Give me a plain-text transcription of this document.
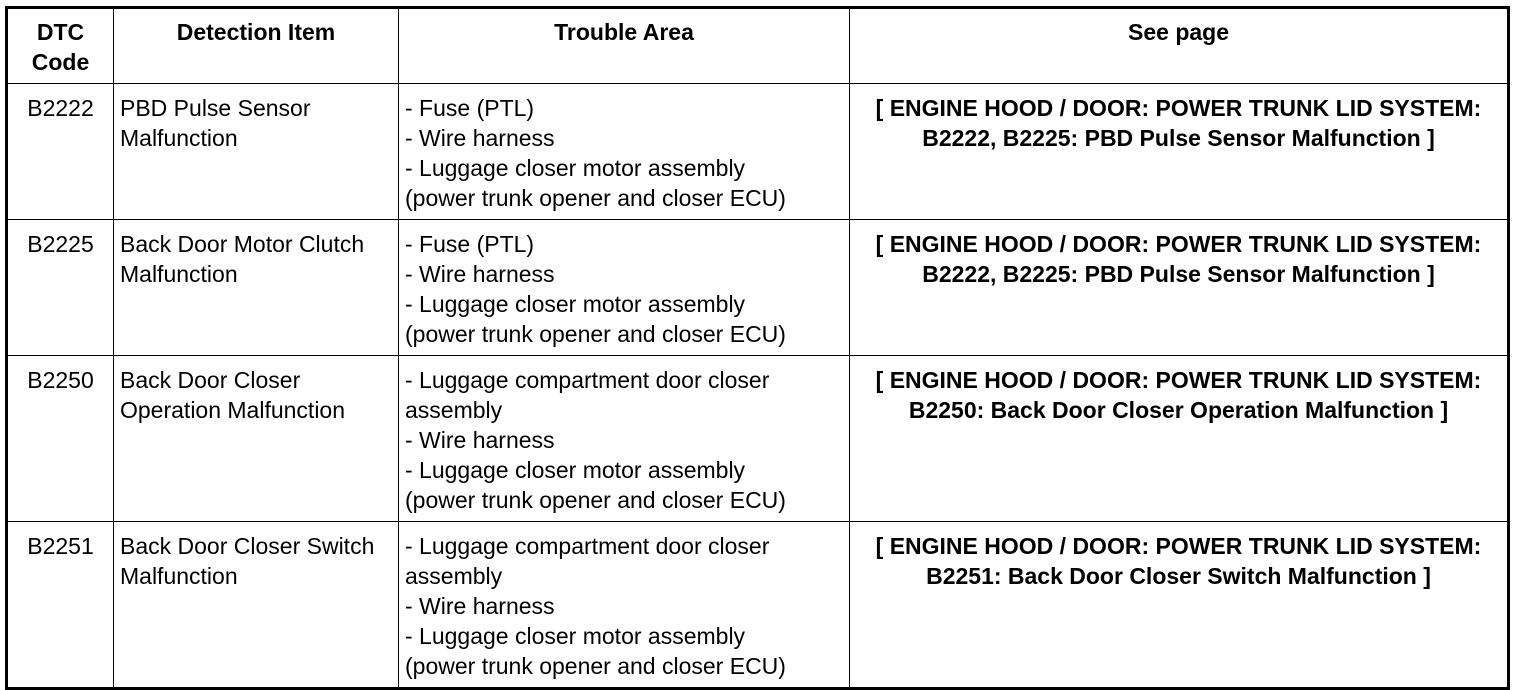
DTC
Code	Detection Item	Trouble Area	See page
B2222	PBD Pulse Sensor Malfunction	- Fuse (PTL)
- Wire harness
- Luggage closer motor assembly
(power trunk opener and closer ECU)	[ ENGINE HOOD / DOOR: POWER TRUNK LID SYSTEM: B2222, B2225: PBD Pulse Sensor Malfunction ]
B2225	Back Door Motor Clutch Malfunction	- Fuse (PTL)
- Wire harness
- Luggage closer motor assembly
(power trunk opener and closer ECU)	[ ENGINE HOOD / DOOR: POWER TRUNK LID SYSTEM: B2222, B2225: PBD Pulse Sensor Malfunction ]
B2250	Back Door Closer Operation Malfunction	- Luggage compartment door closer
assembly
- Wire harness
- Luggage closer motor assembly
(power trunk opener and closer ECU)	[ ENGINE HOOD / DOOR: POWER TRUNK LID SYSTEM: B2250: Back Door Closer Operation Malfunction ]
B2251	Back Door Closer Switch Malfunction	- Luggage compartment door closer
assembly
- Wire harness
- Luggage closer motor assembly
(power trunk opener and closer ECU)	[ ENGINE HOOD / DOOR: POWER TRUNK LID SYSTEM: B2251: Back Door Closer Switch Malfunction ]
